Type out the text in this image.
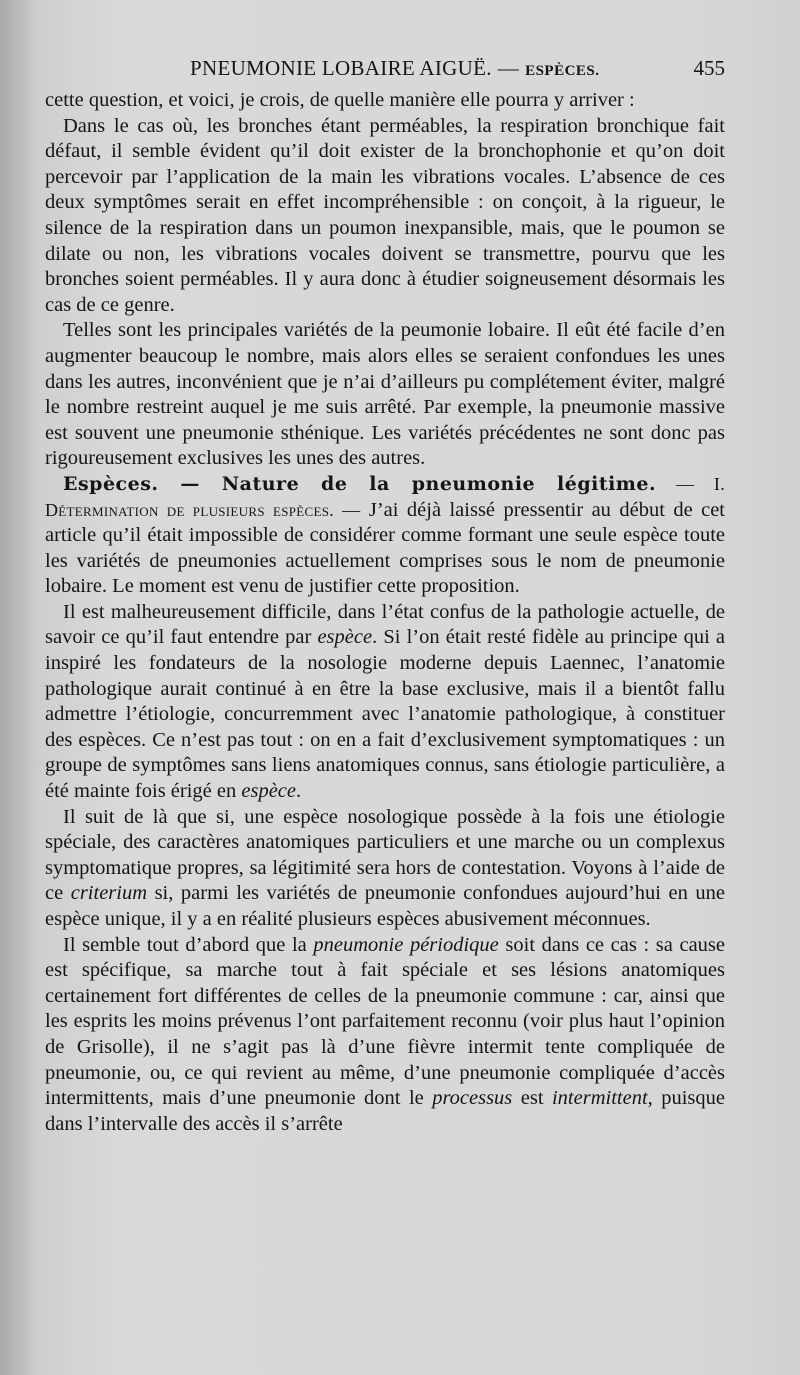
PNEUMONIE LOBAIRE AIGUË. — ESPÈCES.	455

cette question, et voici, je crois, de quelle manière elle pourra y arriver :

Dans le cas où, les bronches étant perméables, la respiration bronchique fait défaut, il semble évident qu’il doit exister de la bronchophonie et qu’on doit percevoir par l’application de la main les vibrations vocales. L’absence de ces deux symptômes serait en effet incompréhensible : on conçoit, à la rigueur, le silence de la respiration dans un poumon inexpansible, mais, que le poumon se dilate ou non, les vibrations vocales doivent se transmettre, pourvu que les bronches soient perméables. Il y aura donc à étudier soigneusement désormais les cas de ce genre.

Telles sont les principales variétés de la peumonie lobaire. Il eût été facile d’en augmenter beaucoup le nombre, mais alors elles se seraient confondues les unes dans les autres, inconvénient que je n’ai d’ailleurs pu complétement éviter, malgré le nombre restreint auquel je me suis arrêté. Par exemple, la pneumonie massive est souvent une pneumonie sthénique. Les variétés précédentes ne sont donc pas rigoureusement exclusives les unes des autres.

Espèces. — Nature de la pneumonie légitime. — I. Détermination de plusieurs espèces. — J’ai déjà laissé pressentir au début de cet article qu’il était impossible de considérer comme formant une seule espèce toute les variétés de pneumonies actuellement comprises sous le nom de pneumonie lobaire. Le moment est venu de justifier cette proposition.

Il est malheureusement difficile, dans l’état confus de la pathologie actuelle, de savoir ce qu’il faut entendre par espèce. Si l’on était resté fidèle au principe qui a inspiré les fondateurs de la nosologie moderne depuis Laennec, l’anatomie pathologique aurait continué à en être la base exclusive, mais il a bientôt fallu admettre l’étiologie, concurremment avec l’anatomie pathologique, à constituer des espèces. Ce n’est pas tout : on en a fait d’exclusivement symptomatiques : un groupe de symptômes sans liens anatomiques connus, sans étiologie particulière, a été mainte fois érigé en espèce.

Il suit de là que si, une espèce nosologique possède à la fois une étiologie spéciale, des caractères anatomiques particuliers et une marche ou un complexus symptomatique propres, sa légitimité sera hors de contestation. Voyons à l’aide de ce criterium si, parmi les variétés de pneumonie confondues aujourd’hui en une espèce unique, il y a en réalité plusieurs espèces abusivement méconnues.

Il semble tout d’abord que la pneumonie périodique soit dans ce cas : sa cause est spécifique, sa marche tout à fait spéciale et ses lésions anatomiques certainement fort différentes de celles de la pneumonie commune : car, ainsi que les esprits les moins prévenus l’ont parfaitement reconnu (voir plus haut l’opinion de Grisolle), il ne s’agit pas là d’une fièvre intermit tente compliquée de pneumonie, ou, ce qui revient au même, d’une pneumonie compliquée d’accès intermittents, mais d’une pneumonie dont le processus est intermittent, puisque dans l’intervalle des accès il s’arrête
